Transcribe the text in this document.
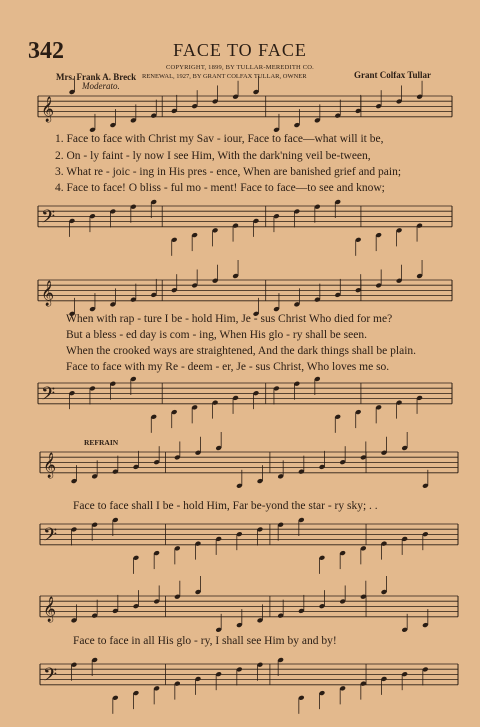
342	FACE TO FACE
COPYRIGHT, 1899, BY TULLAR-MEREDITH CO.
Mrs. Frank A. Breck RENEWAL, 1927, BY GRANT COLFAX TULLAR, OWNER	Grant Colfax Tullar
Moderato.
𝄞
𝄢
𝄞
𝄢
𝄞
𝄢
𝄞
𝄢
1. Face to face with Christ my Sav - iour, Face to face—what will it be,
2. On - ly faint - ly now I see Him, With the dark'ning veil be-tween,
3. What re - joic - ing in His pres - ence, When are banished grief and pain;
4. Face to face! O bliss - ful mo - ment! Face to face—to see and know;
When with rap - ture I be - hold Him, Je - sus Christ Who died for me?
But a bless - ed day is com - ing, When His glo - ry shall be seen.
When the crooked ways are straightened, And the dark things shall be plain.
Face to face with my Re - deem - er, Je - sus Christ, Who loves me so.
REFRAIN
Face to face shall I be - hold Him, Far be-yond the star - ry sky; . .
Face to face in all His glo - ry, I shall see Him by and by!
